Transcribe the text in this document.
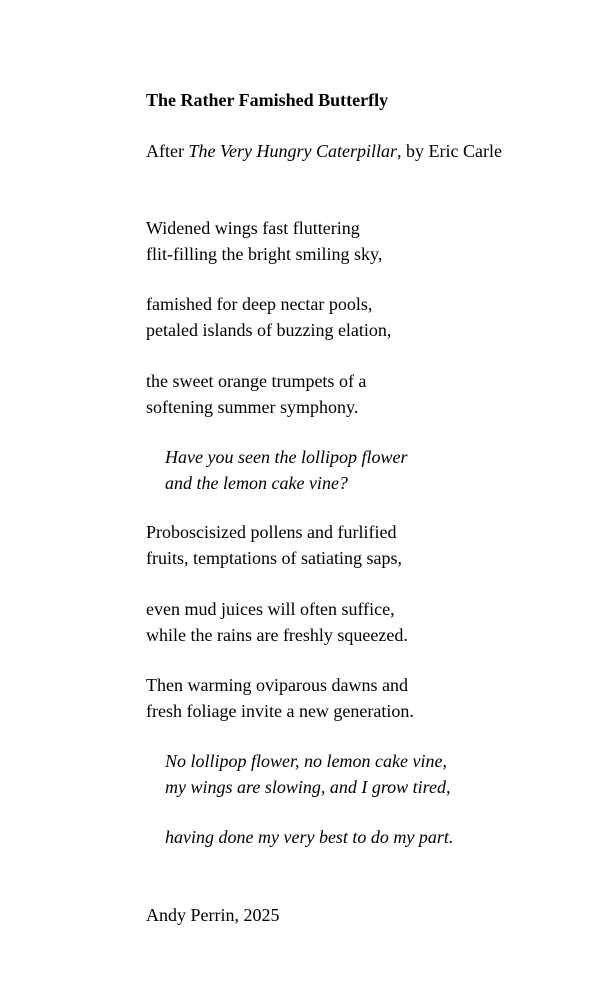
The Rather Famished Butterfly

After The Very Hungry Caterpillar, by Eric Carle

Widened wings fast fluttering
flit-filling the bright smiling sky,
famished for deep nectar pools,
petaled islands of buzzing elation,
the sweet orange trumpets of a
softening summer symphony.
Have you seen the lollipop flower
and the lemon cake vine?
Proboscisized pollens and furlified
fruits, temptations of satiating saps,
even mud juices will often suffice,
while the rains are freshly squeezed.
Then warming oviparous dawns and
fresh foliage invite a new generation.
No lollipop flower, no lemon cake vine,
my wings are slowing, and I grow tired,
having done my very best to do my part.

Andy Perrin, 2025
